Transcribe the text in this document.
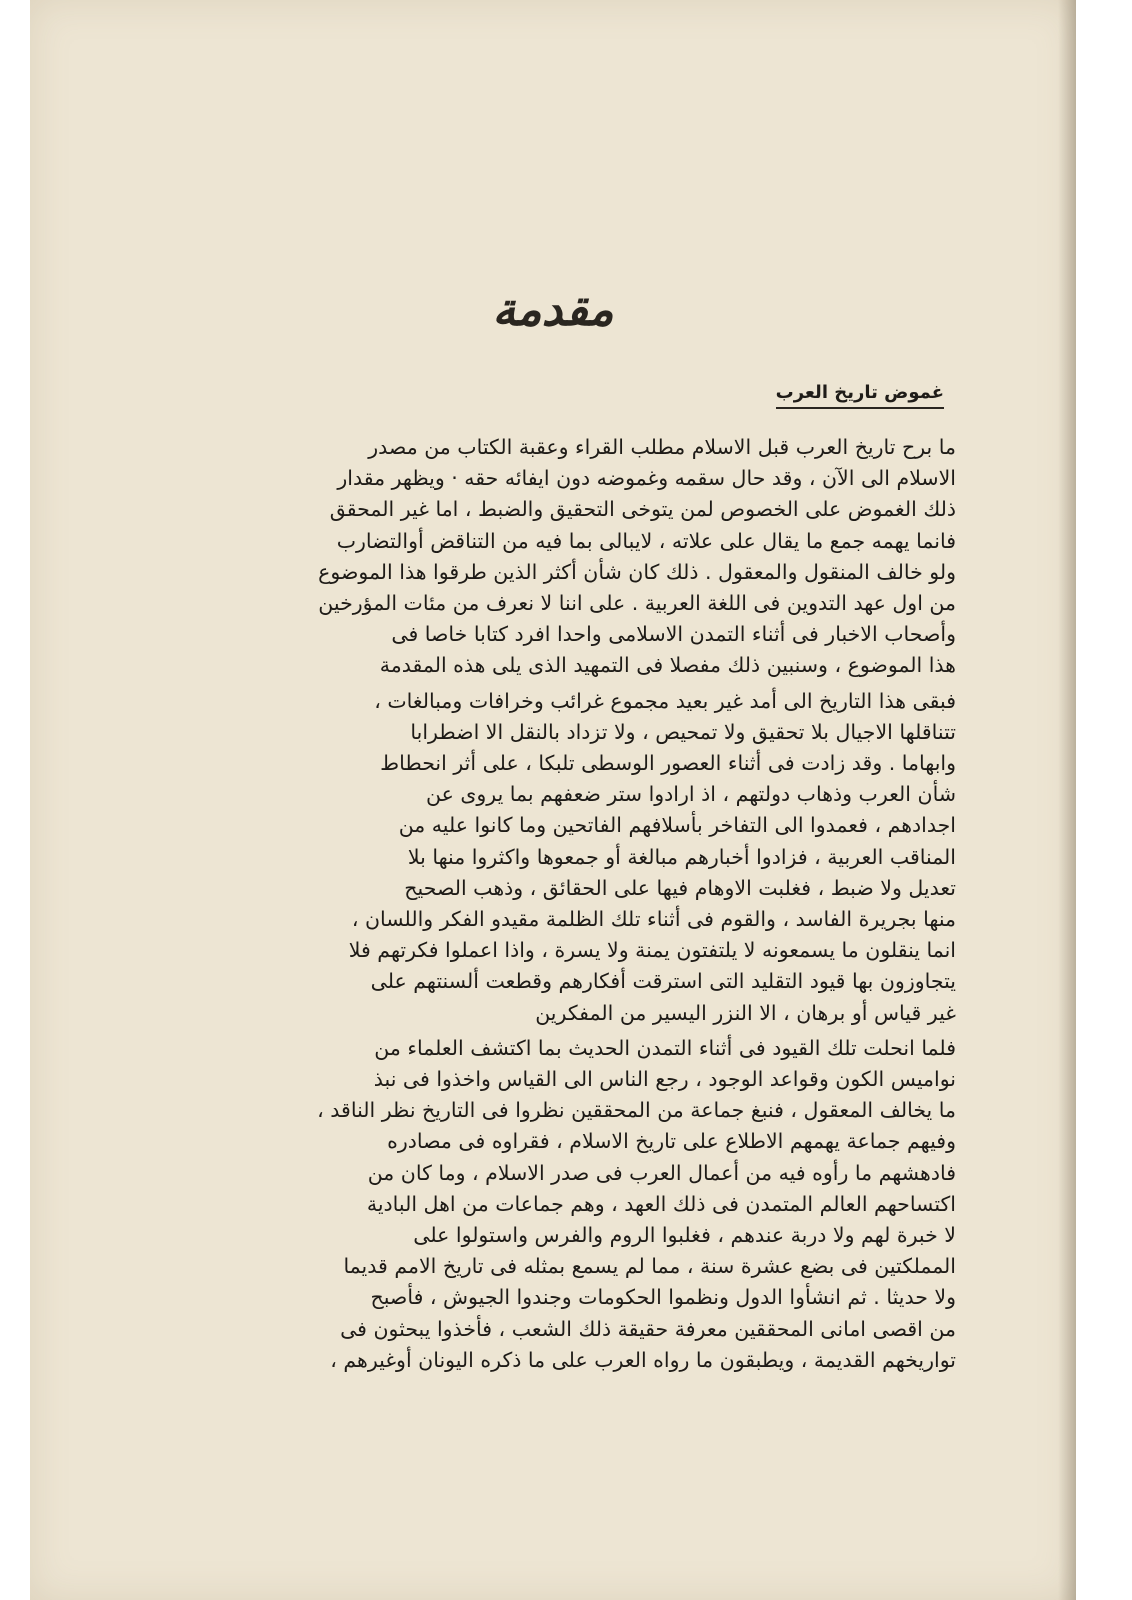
مقدمة
غموض تاريخ العرب

ما برح تاريخ العرب قبل الاسلام مطلب القراء وعقبة الكتاب من مصدر
الاسلام الى الآن ، وقد حال سقمه وغموضه دون ايفائه حقه · ويظهر مقدار
ذلك الغموض على الخصوص لمن يتوخى التحقيق والضبط ، اما غير المحقق
فانما يهمه جمع ما يقال على علاته ، لايبالى بما فيه من التناقض أوالتضارب
ولو خالف المنقول والمعقول . ذلك كان شأن أكثر الذين طرقوا هذا الموضوع
من اول عهد التدوين فى اللغة العربية . على اننا لا نعرف من مئات المؤرخين
وأصحاب الاخبار فى أثناء التمدن الاسلامى واحدا افرد كتابا خاصا فى
هذا الموضوع ، وسنبين ذلك مفصلا فى التمهيد الذى يلى هذه المقدمة

فبقى هذا التاريخ الى أمد غير بعيد مجموع غرائب وخرافات ومبالغات ،
تتناقلها الاجيال بلا تحقيق ولا تمحيص ، ولا تزداد بالنقل الا اضطرابا
وابهاما . وقد زادت فى أثناء العصور الوسطى تلبكا ، على أثر انحطاط
شأن العرب وذهاب دولتهم ، اذ ارادوا ستر ضعفهم بما يروى عن
اجدادهم ، فعمدوا الى التفاخر بأسلافهم الفاتحين وما كانوا عليه من
المناقب العربية ، فزادوا أخبارهم مبالغة أو جمعوها واكثروا منها بلا
تعديل ولا ضبط ، فغلبت الاوهام فيها على الحقائق ، وذهب الصحيح
منها بجريرة الفاسد ، والقوم فى أثناء تلك الظلمة مقيدو الفكر واللسان ،
انما ينقلون ما يسمعونه لا يلتفتون يمنة ولا يسرة ، واذا اعملوا فكرتهم فلا
يتجاوزون بها قيود التقليد التى استرقت أفكارهم وقطعت ألسنتهم على
غير قياس أو برهان ، الا النزر اليسير من المفكرين

فلما انحلت تلك القيود فى أثناء التمدن الحديث بما اكتشف العلماء من
نواميس الكون وقواعد الوجود ، رجع الناس الى القياس واخذوا فى نبذ
ما يخالف المعقول ، فنبغ جماعة من المحققين نظروا فى التاريخ نظر الناقد ،
وفيهم جماعة يهمهم الاطلاع على تاريخ الاسلام ، فقراوه فى مصادره
فادهشهم ما رأوه فيه من أعمال العرب فى صدر الاسلام ، وما كان من
اكتساحهم العالم المتمدن فى ذلك العهد ، وهم جماعات من اهل البادية
لا خبرة لهم ولا دربة عندهم ، فغلبوا الروم والفرس واستولوا على
المملكتين فى بضع عشرة سنة ، مما لم يسمع بمثله فى تاريخ الامم قديما
ولا حديثا . ثم انشأوا الدول ونظموا الحكومات وجندوا الجيوش ، فأصبح
من اقصى امانى المحققين معرفة حقيقة ذلك الشعب ، فأخذوا يبحثون فى
تواريخهم القديمة ، ويطبقون ما رواه العرب على ما ذكره اليونان أوغيرهم ،
